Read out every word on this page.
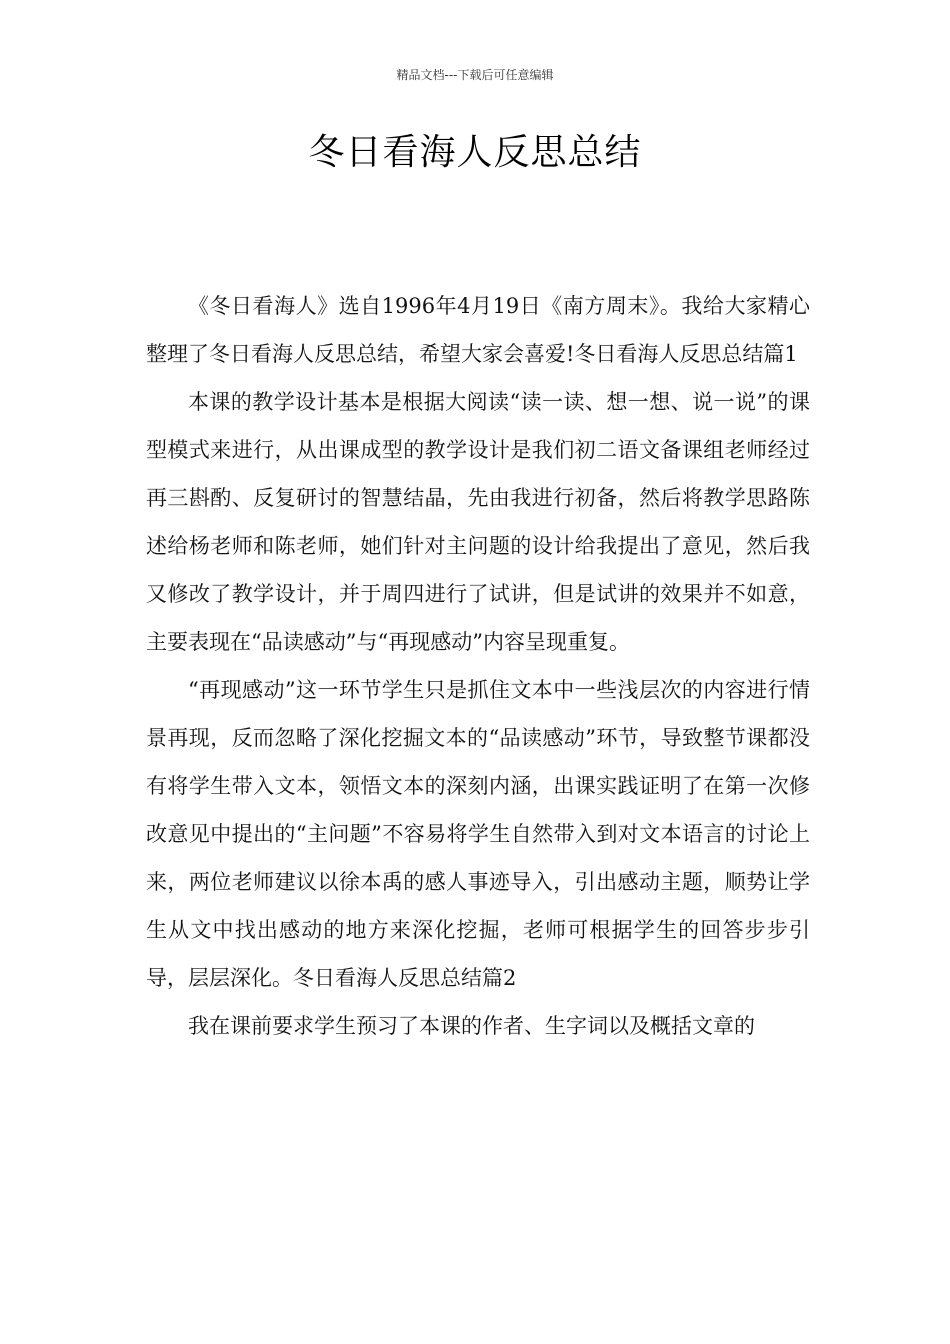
精品文档---下载后可任意编辑
冬日看海人反思总结

《冬日看海人》选自1996年4月19日《南方周末》。我给大家精心整理了冬日看海人反思总结，希望大家会喜爱!冬日看海人反思总结篇1

本课的教学设计基本是根据大阅读“读一读、想一想、说一说”的课型模式来进行，从出课成型的教学设计是我们初二语文备课组老师经过再三斟酌、反复研讨的智慧结晶，先由我进行初备，然后将教学思路陈述给杨老师和陈老师，她们针对主问题的设计给我提出了意见，然后我又修改了教学设计，并于周四进行了试讲，但是试讲的效果并不如意，主要表现在“品读感动”与“再现感动”内容呈现重复。

“再现感动”这一环节学生只是抓住文本中一些浅层次的内容进行情景再现，反而忽略了深化挖掘文本的“品读感动”环节，导致整节课都没有将学生带入文本，领悟文本的深刻内涵，出课实践证明了在第一次修改意见中提出的“主问题”不容易将学生自然带入到对文本语言的讨论上来，两位老师建议以徐本禹的感人事迹导入，引出感动主题，顺势让学生从文中找出感动的地方来深化挖掘，老师可根据学生的回答步步引导，层层深化。冬日看海人反思总结篇2

我在课前要求学生预习了本课的作者、生字词以及概括文章的
